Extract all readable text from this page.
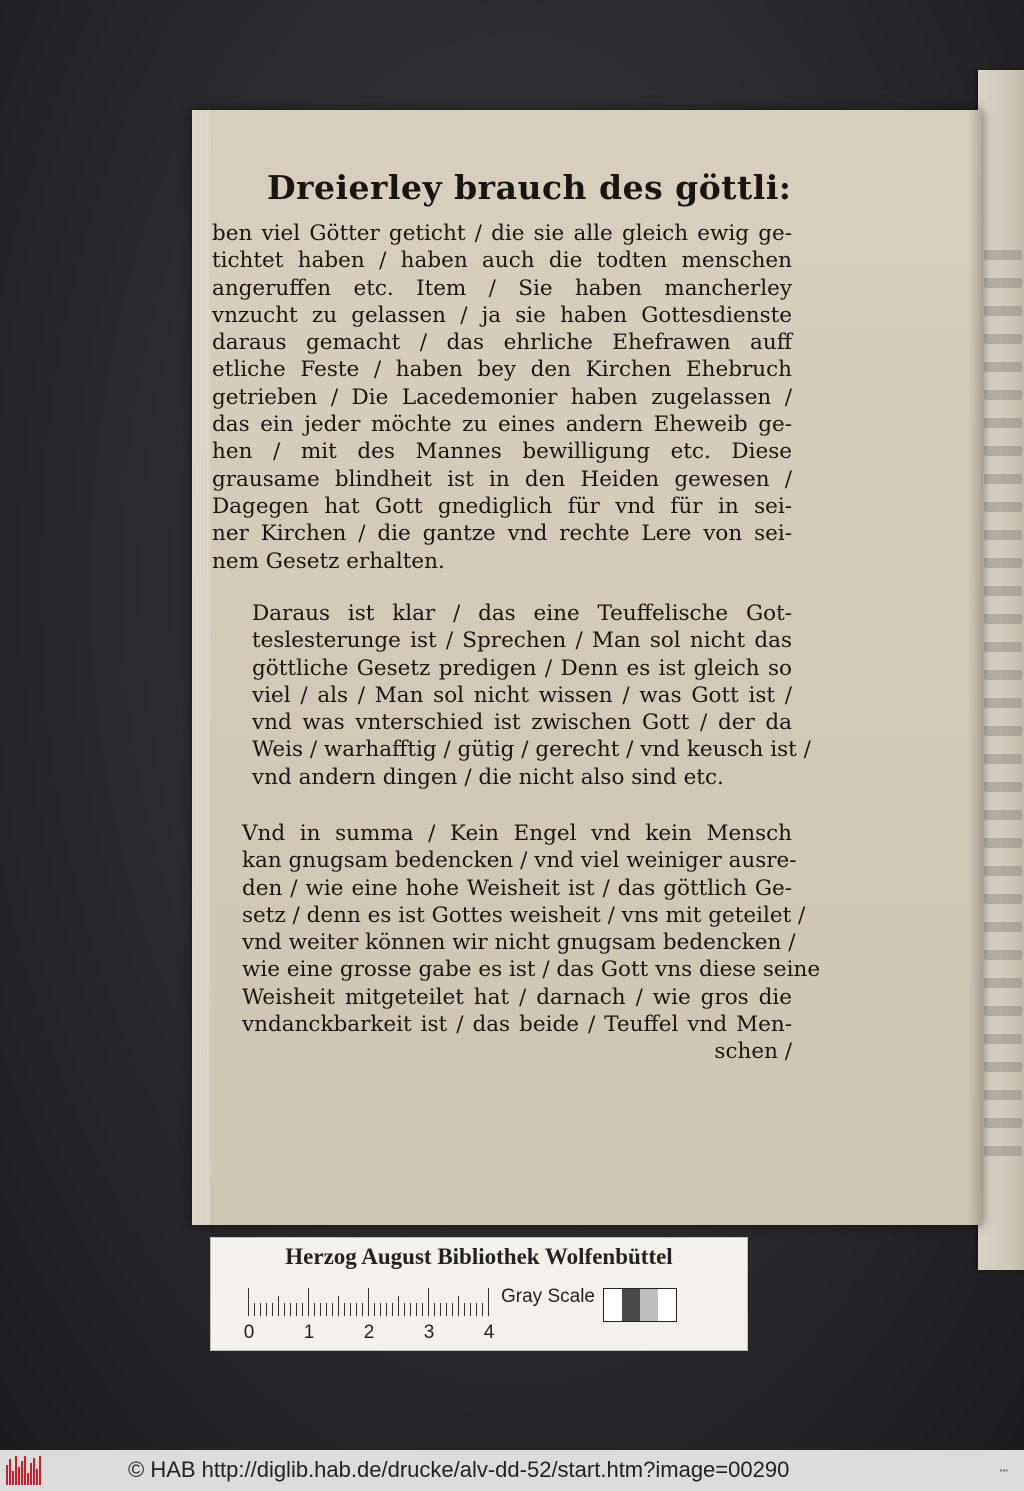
Dreierley brauch des göttli:
ben viel Götter geticht / die sie alle gleich ewig ge-
tichtet haben / haben auch die todten menschen
angeruffen etc. Item / Sie haben mancherley
vnzucht zu gelassen / ja sie haben Gottesdienste
daraus gemacht / das ehrliche Ehefrawen auff
etliche Feste / haben bey den Kirchen Ehebruch
getrieben / Die Lacedemonier haben zugelassen /
das ein jeder möchte zu eines andern Eheweib ge-
hen / mit des Mannes bewilligung etc. Diese
grausame blindheit ist in den Heiden gewesen /
Dagegen hat Gott gnediglich für vnd für in sei-
ner Kirchen / die gantze vnd rechte Lere von sei-
nem Gesetz erhalten.
Daraus ist klar / das eine Teuffelische Got-
teslesterunge ist / Sprechen / Man sol nicht das
göttliche Gesetz predigen / Denn es ist gleich so
viel / als / Man sol nicht wissen / was Gott ist /
vnd was vnterschied ist zwischen Gott / der da
Weis / warhafftig / gütig / gerecht / vnd keusch ist /
vnd andern dingen / die nicht also sind etc.
Vnd in summa / Kein Engel vnd kein Mensch
kan gnugsam bedencken / vnd viel weiniger ausre-
den / wie eine hohe Weisheit ist / das göttlich Ge-
setz / denn es ist Gottes weisheit / vns mit geteilet /
vnd weiter können wir nicht gnugsam bedencken /
wie eine grosse gabe es ist / das Gott vns diese seine
Weisheit mitgeteilet hat / darnach / wie gros die
vndanckbarkeit ist / das beide / Teuffel vnd Men-
schen /
Herzog August Bibliothek Wolfenbüttel
0	1	2	3	4
Gray Scale
© HAB http://diglib.hab.de/drucke/alv-dd-52/start.htm?image=00290	▪▪▪
